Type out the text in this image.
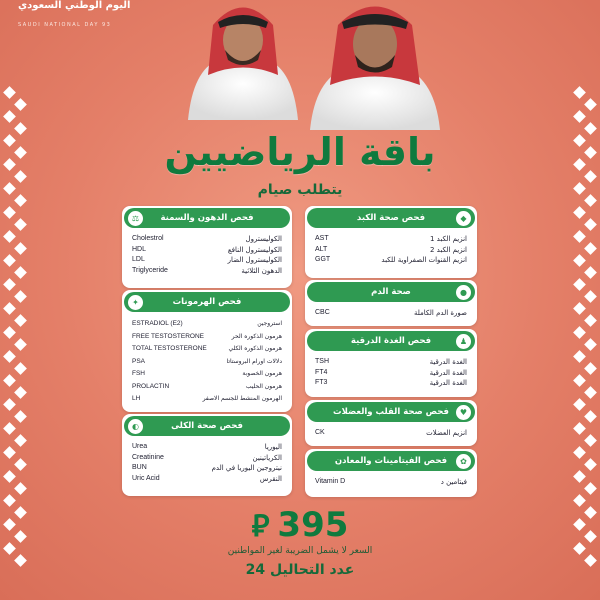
اليوم الوطني السعودي
SAUDI NATIONAL DAY 93
باقة الرياضيين
يتطلب صيام
فحص الدهون والسمنة
⚖
Cholestrol	الكوليسترول
HDL	الكوليسترول النافع
LDL	الكوليسترول الضار
Triglyceride	الدهون الثلاثية
فحص الهرمونات
✦
ESTRADIOL (E2)	استروجين
FREE TESTOSTERONE	هرمون الذكوره الحر
TOTAL TESTOSTERONE	هرمون الذكوره الكلي
PSA	دلالات اورام البروستاتا
FSH	هرمون الخصوبة
PROLACTIN	هرمون الحليب
LH	الهرمون المنشط للجسم الاصفر
فحص صحة الكلى
◐
Urea	اليوريا
Creatinine	الكرياتينين
BUN	نيتروجين اليوريا في الدم
Uric Acid	النقرس
فحص صحة الكبد	◆
AST	انزيم الكبد 1
ALT	انزيم الكبد 2
GGT	انزيم القنوات الصفراوية للكبد
صحة الدم	●
CBC	صورة الدم الكاملة
فحص الغدة الدرقية	♟
TSH	الغدة الدرقية
FT4	الغدة الدرقية
FT3	الغدة الدرقية
فحص صحة القلب والعضلات	♥
CK	انزيم العضلات
فحص الفيتامينات والمعادن	✿
Vitamin D	فيتامين د
⃁ 395
السعر لا يشمل الضريبة لغير المواطنين
عدد التحاليل 24
